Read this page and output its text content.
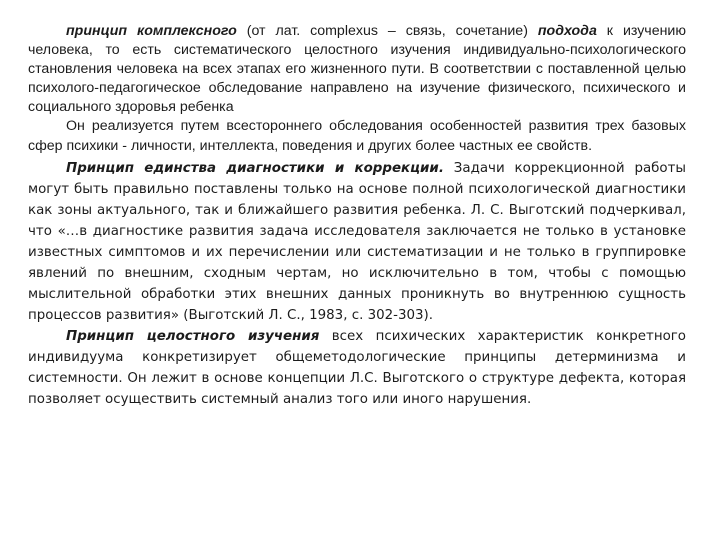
принцип комплексного (от лат. complexus – связь, сочетание) подхода к изучению человека, то есть систематического целостного изучения индивидуально-психологического становления человека на всех этапах его жизненного пути. В соответствии с поставленной целью психолого-педагогическое обследование направлено на изучение физического, психического и социального здоровья ребенка

Он реализуется путем всестороннего обследования особенностей развития трех базовых сфер психики - личности, интеллекта, поведения и других более частных ее свойств.

Принцип единства диагностики и коррекции. Задачи коррекционной работы могут быть правильно поставлены только на основе полной психологической диагностики как зоны актуального, так и ближайшего развития ребенка. Л. С. Выготский подчеркивал, что «…в диагностике развития задача исследователя заключается не только в установке известных симптомов и их перечислении или систематизации и не только в группировке явлений по внешним, сходным чертам, но исключительно в том, чтобы с помощью мыслительной обработки этих внешних данных проникнуть во внутреннюю сущность процессов развития» (Выготский Л. С., 1983, с. 302-303).

Принцип целостного изучения всех психических характеристик конкретного индивидуума конкретизирует общеметодологические принципы детерминизма и системности. Он лежит в основе концепции Л.С. Выготского о структуре дефекта, которая позволяет осуществить системный анализ того или иного нарушения.
